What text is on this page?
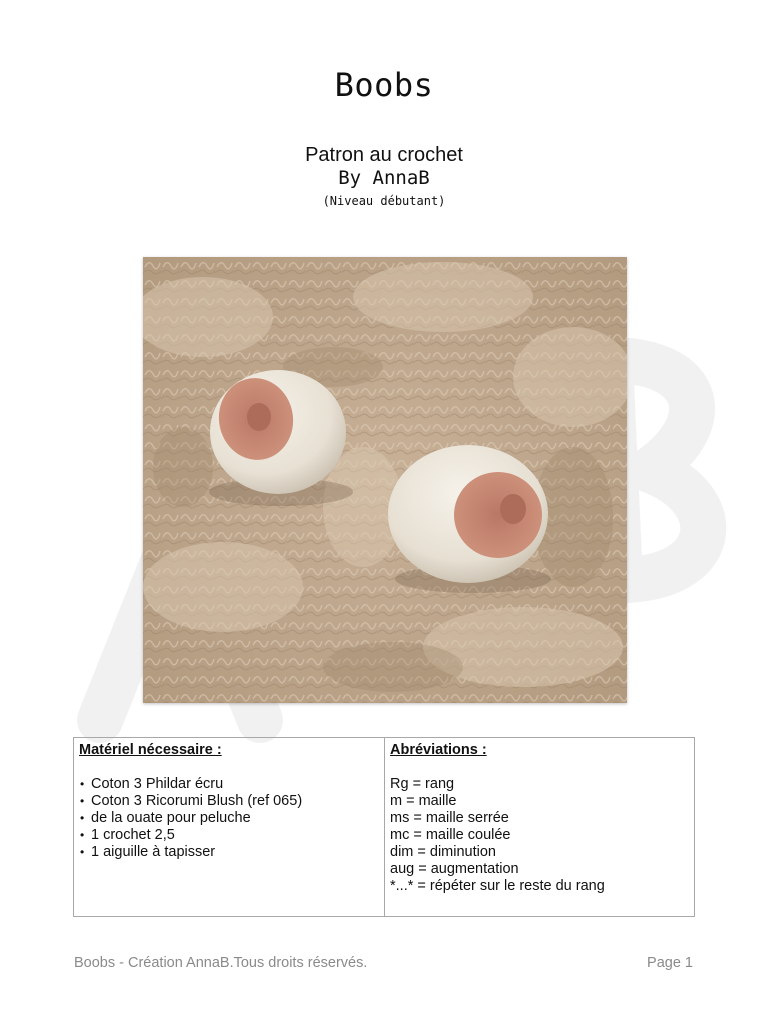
Boobs
Patron au crochet
By AnnaB
(Niveau débutant)
Matériel nécessaire :
• Coton 3 Phildar écru
• Coton 3 Ricorumi Blush (ref 065)
• de la ouate pour peluche
• 1 crochet 2,5
• 1 aiguille à tapisser
Abréviations :
Rg = rang
m = maille
ms = maille serrée
mc = maille coulée
dim = diminution
aug = augmentation
*...* = répéter sur le reste du rang
Boobs - Création AnnaB.Tous droits réservés.	Page 1
